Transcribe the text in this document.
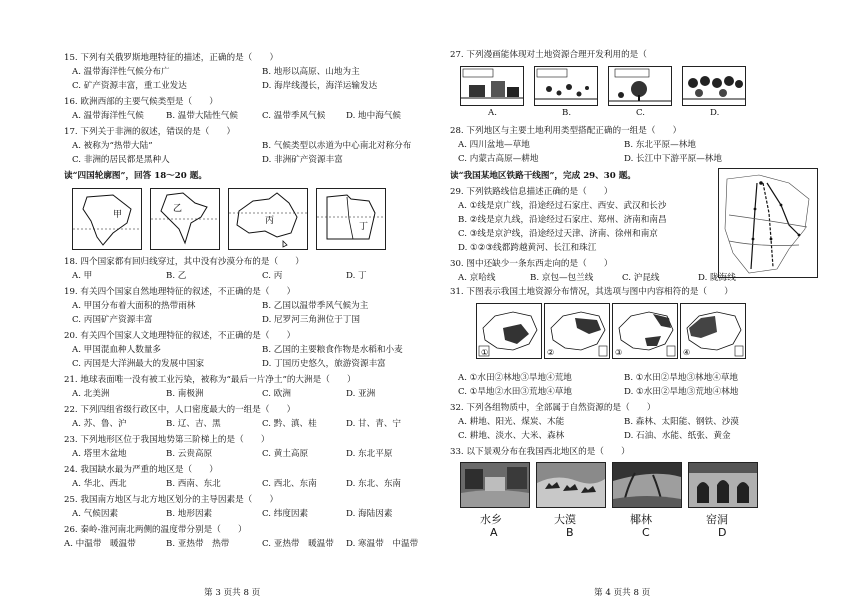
15. 下列有关俄罗斯地理特征的描述，正确的是（　　）
A. 温带海洋性气候分布广	B. 地形以高原、山地为主
C. 矿产资源丰富，重工业发达	D. 海岸线漫长，海洋运输发达
16. 欧洲西部的主要气候类型是（　　）
A. 温带海洋性气候	B. 温带大陆性气候	C. 温带季风气候 D. 地中海气候
17. 下列关于非洲的叙述，错误的是（　　）
A. 被称为“热带大陆”	B. 气候类型以赤道为中心南北对称分布
C. 非洲的居民都是黑种人	D. 非洲矿产资源丰富
读“四国轮廓图”，回答 18～20 题。
甲
乙
丙
丁
18. 四个国家都有回归线穿过，其中没有沙漠分布的是（　　）
A. 甲	B. 乙	C. 丙	D. 丁
19. 有关四个国家自然地理特征的叙述，不正确的是（　　）
A. 甲国分布着大面积的热带雨林	B. 乙国以温带季风气候为主
C. 丙国矿产资源丰富	D. 尼罗河三角洲位于丁国
20. 有关四个国家人文地理特征的叙述，不正确的是（　　）
A. 甲国混血种人数量多	B. 乙国的主要粮食作物是水稻和小麦
C. 丙国是大洋洲最大的发展中国家	D. 丁国历史悠久，旅游资源丰富
21. 地球表面唯一没有被工业污染，被称为“最后一片净土”的大洲是（　　）
A. 北美洲	B. 南极洲	C. 欧洲	D. 亚洲
22. 下列四组省级行政区中，人口密度最大的一组是（　　）
A. 苏、鲁、沪	B. 辽、吉、黑	C. 黔、滇、桂	D. 甘、青、宁
23. 下列地形区位于我国地势第三阶梯上的是（　　）
A. 塔里木盆地	B. 云贵高原	C. 黄土高原	D. 东北平原
24. 我国缺水最为严重的地区是（　　）
A. 华北、西北	B. 西南、东北	C. 西北、东南	D. 东北、东南
25. 我国南方地区与北方地区划分的主导因素是（　　）
A. 气候因素	B. 地形因素	C. 纬度因素	D. 海陆因素
26. 秦岭-淮河南北两侧的温度带分别是（　　）
A. 中温带　暖温带	B. 亚热带　热带	C. 亚热带　暖温带 D. 寒温带　中温带
第 3 页共 8 页
27. 下列漫画能体现对土地资源合理开发利用的是（
A.	B.	C.	D.
28. 下列地区与主要土地利用类型搭配正确的一组是（　　）
A. 四川盆地—草地	B. 东北平原—林地
C. 内蒙古高原—耕地	D. 长江中下游平原—林地
读“我国某地区铁路干线图”，完成 29、30 题。
29. 下列铁路线信息描述正确的是（　　）
A. ①线是京广线，沿途经过石家庄、西安、武汉和长沙
B. ②线是京九线，沿途经过石家庄、郑州、济南和南昌
C. ③线是京沪线，沿途经过天津、济南、徐州和南京
D. ①②③线都跨越黄河、长江和珠江
30. 图中还缺少一条东西走向的是（　　）
A. 京哈线	B. 京包—包兰线	C. 沪昆线	D. 陇海线
31. 下图表示我国土地资源分布情况，其选项与图中内容相符的是（　　）
①	②	③	④
A. ①水田②林地③旱地④荒地	B. ①水田②旱地③林地④草地
C. ①旱地②水田③荒地④草地	D. ①水田②旱地③荒地④林地
32. 下列各组物质中，全部属于自然资源的是（　　）
A. 耕地、阳光、煤炭、木能	B. 森林、太阳能、钢铁、沙漠
C. 耕地、淡水、大米、森林	D. 石油、水能、纸张、黄金
33. 以下景观分布在我国西北地区的是（　　）
水乡	大漠	椰林	窑洞
A	B	C	D
第 4 页共 8 页
